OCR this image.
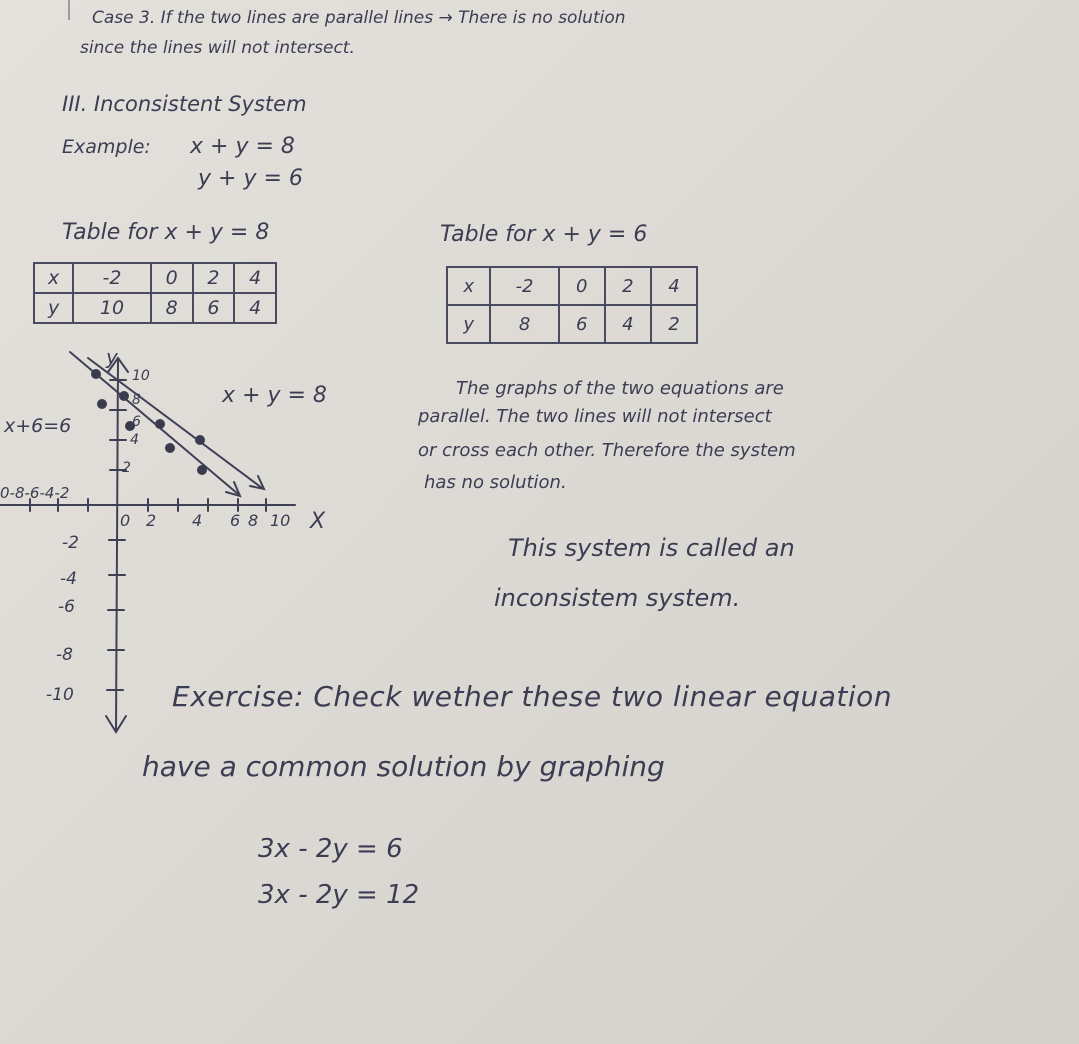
Case 3. If the two lines are parallel lines → There is no solution
since the lines will not intersect.
III. Inconsistent System
Example: x + y = 8
y + y = 6
Table for x + y = 8	Table for x + y = 6
x	-2	0	2	4
y	10	8	6	4
x	-2	0	2	4
y	8	6	4	2
y
x + y = 8
x+6=6
X
0-8-6-4-2
0 2 4 6 8 10
10
8
6
4
2
-2
-4
-6
-8
-10
The graphs of the two equations are
parallel. The two lines will not intersect
or cross each other. Therefore the system
has no solution.
This system is called an
inconsistem system.
Exercise: Check wether these two linear equation
have a common solution by graphing
3x - 2y = 6
3x - 2y = 12
